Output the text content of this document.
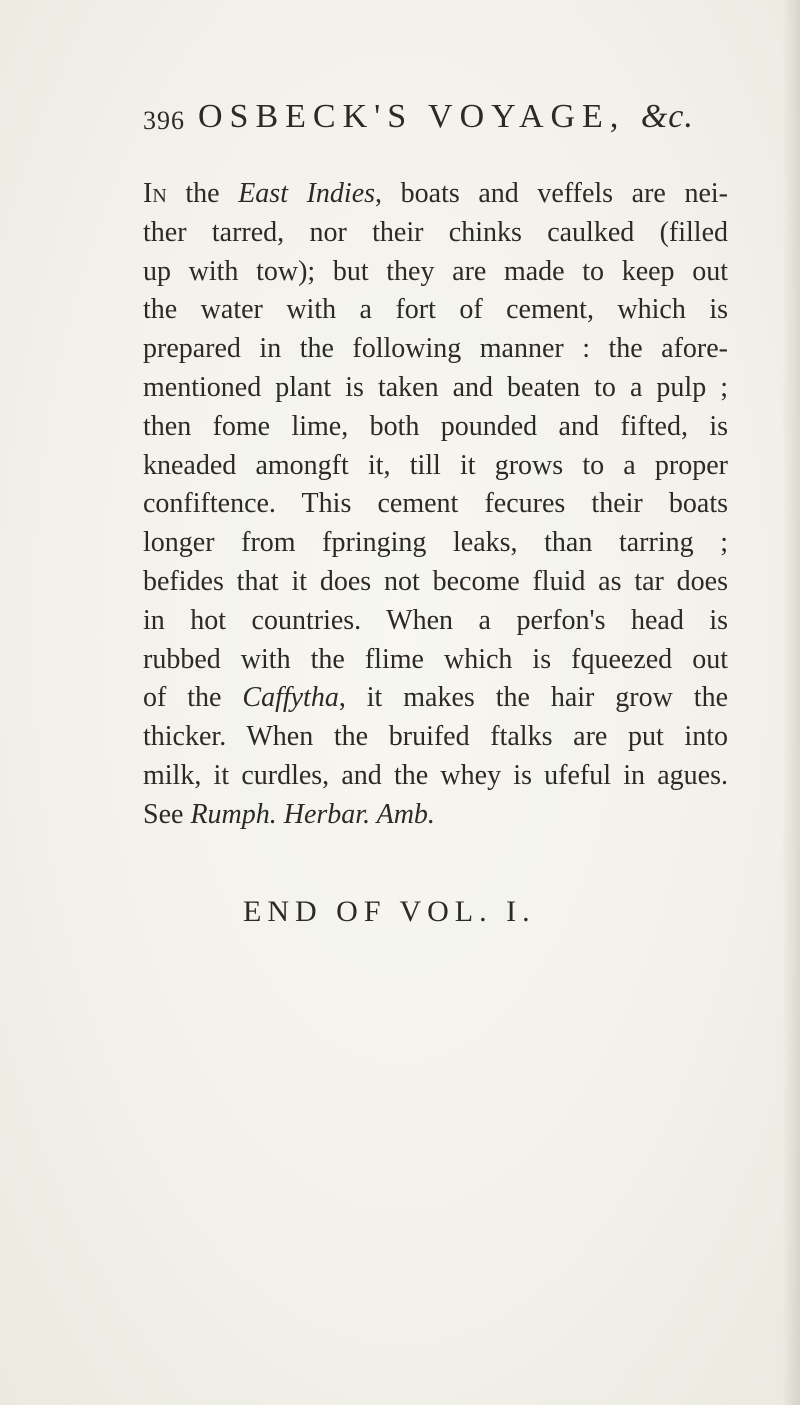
396 OSBECK'S VOYAGE, &c.
In the East Indies, boats and veffels are nei-
ther tarred, nor their chinks caulked (filled
up with tow); but they are made to keep out
the water with a fort of cement, which is
prepared in the following manner : the afore-
mentioned plant is taken and beaten to a pulp ;
then fome lime, both pounded and fifted, is
kneaded amongft it, till it grows to a proper
confiftence. This cement fecures their boats
longer from fpringing leaks, than tarring ;
befides that it does not become fluid as tar does
in hot countries. When a perfon's head is
rubbed with the flime which is fqueezed out
of the Caffytha, it makes the hair grow the
thicker. When the bruifed ftalks are put into
milk, it curdles, and the whey is ufeful in agues.
See Rumph. Herbar. Amb.
END OF VOL. I.
